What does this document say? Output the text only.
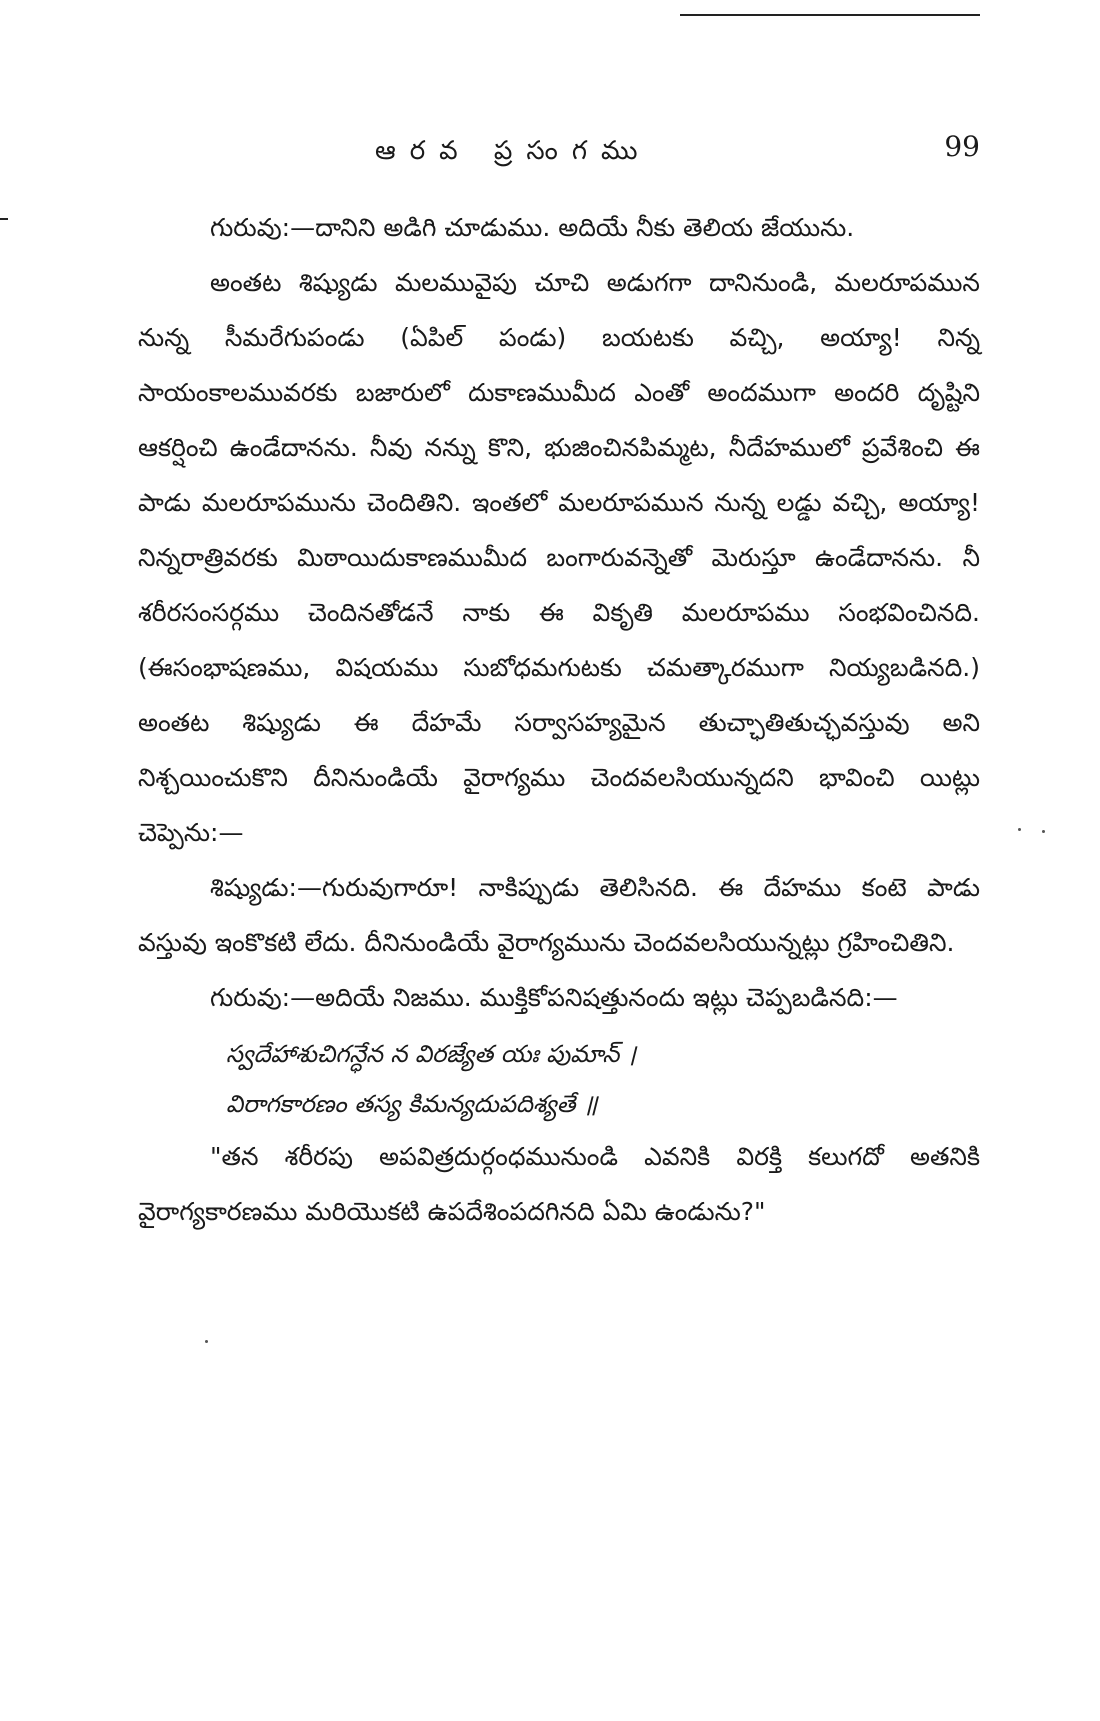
ఆరవ ప్రసంగము	99

గురువు:—దానిని అడిగి చూడుము. అదియే నీకు తెలియ జేయును.

అంతట శిష్యుడు మలమువైపు చూచి అడుగగా దానినుండి, మలరూపమున నున్న సీమరేగుపండు (ఏపిల్ పండు) బయటకు వచ్చి, అయ్యా! నిన్న సాయంకాలమువరకు బజారులో దుకాణముమీద ఎంతో అందముగా అందరి దృష్టిని ఆకర్షించి ఉండేదానను. నీవు నన్ను కొని, భుజించినపిమ్మట, నీదేహములో ప్రవేశించి ఈ పాడు మలరూపమును చెందితిని. ఇంతలో మలరూపమున నున్న లడ్డు వచ్చి, అయ్యా! నిన్నరాత్రివరకు మిఠాయిదుకాణముమీద బంగారువన్నెతో మెరుస్తూ ఉండేదానను. నీ శరీరసంసర్గము చెందినతోడనే నాకు ఈ వికృతి మలరూపము సంభవించినది. (ఈసంభాషణము, విషయము సుబోధమగుటకు చమత్కారముగా నియ్యబడినది.) అంతట శిష్యుడు ఈ దేహమే సర్వాసహ్యమైన తుచ్ఛాతితుచ్ఛవస్తువు అని నిశ్చయించుకొని దీనినుండియే వైరాగ్యము చెందవలసియున్నదని భావించి యిట్లు చెప్పెను:—

శిష్యుడు:—గురువుగారూ! నాకిప్పుడు తెలిసినది. ఈ దేహము కంటె పాడు వస్తువు ఇంకొకటి లేదు. దీనినుండియే వైరాగ్యమును చెందవలసియున్నట్లు గ్రహించితిని.

గురువు:—అదియే నిజము. ముక్తికోపనిషత్తునందు ఇట్లు చెప్పబడినది:—

స్వదేహాశుచిగన్ధేన న విరజ్యేత యః పుమాన్ ।
విరాగకారణం తస్య కిమన్యదుపదిశ్యతే ॥

"తన శరీరపు అపవిత్రదుర్గంధమునుండి ఎవనికి విరక్తి కలుగదో అతనికి వైరాగ్యకారణము మరియొకటి ఉపదేశింపదగినది ఏమి ఉండును?"
